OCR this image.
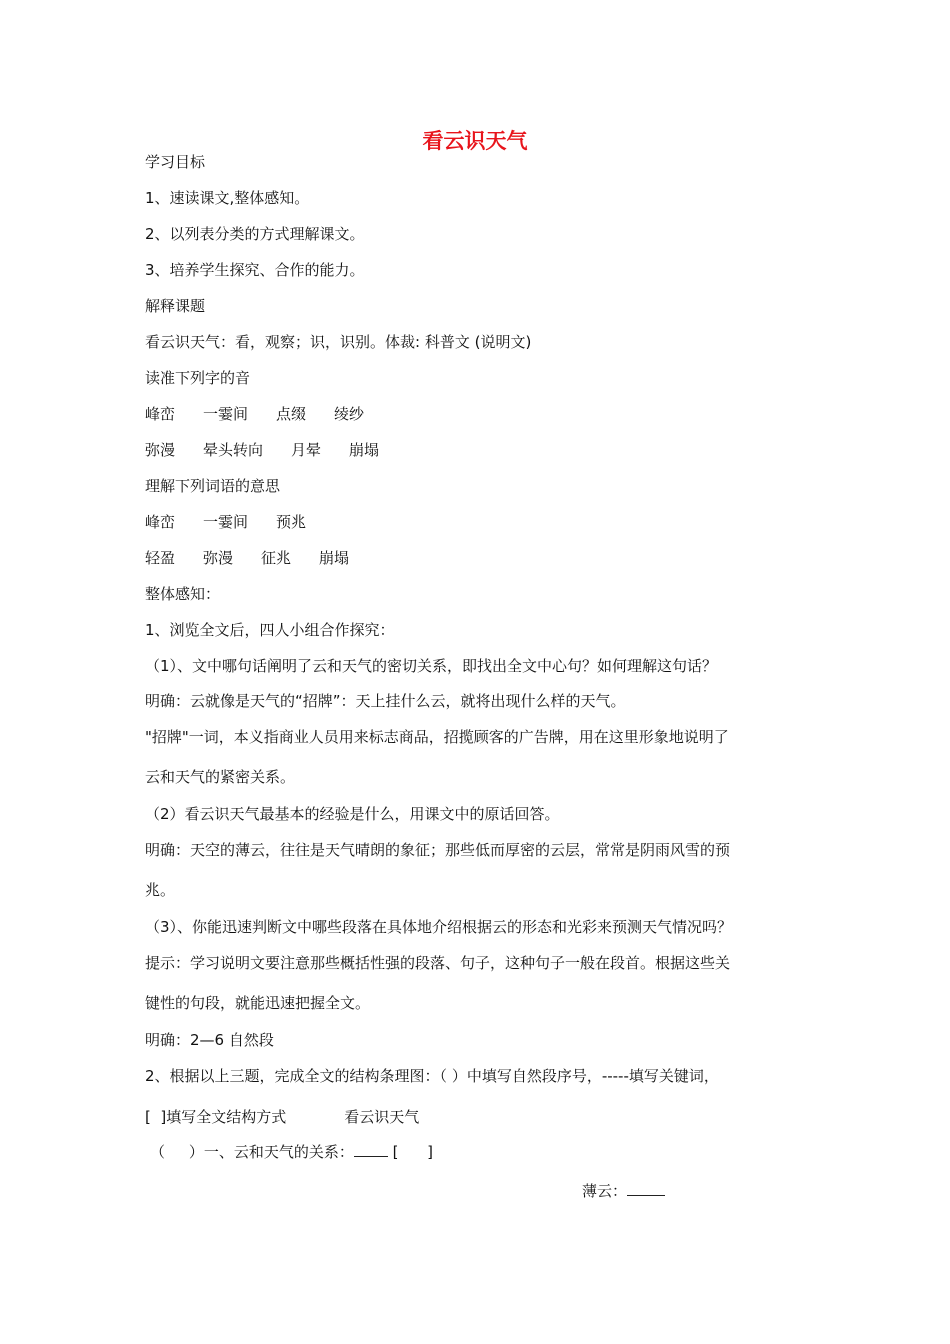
看云识天气
学习目标
1、速读课文,整体感知。
2、以列表分类的方式理解课文。
3、培养学生探究、合作的能力。
解释课题
看云识天气：看，观察；识，识别。体裁: 科普文 (说明文)
读准下列字的音
峰峦 一霎间 点缀 绫纱
弥漫 晕头转向 月晕 崩塌
理解下列词语的意思
峰峦 一霎间 预兆
轻盈 弥漫 征兆 崩塌
整体感知：
1、浏览全文后，四人小组合作探究：
（1）、文中哪句话阐明了云和天气的密切关系，即找出全文中心句？如何理解这句话？
明确：云就像是天气的“招牌”：天上挂什么云，就将出现什么样的天气。
"招牌"一词，本义指商业人员用来标志商品，招揽顾客的广告牌，用在这里形象地说明了
云和天气的紧密关系。
（2）看云识天气最基本的经验是什么，用课文中的原话回答。
明确：天空的薄云，往往是天气晴朗的象征；那些低而厚密的云层，常常是阴雨风雪的预
兆。
（3）、你能迅速判断文中哪些段落在具体地介绍根据云的形态和光彩来预测天气情况吗？
提示：学习说明文要注意那些概括性强的段落、句子，这种句子一般在段首。根据这些关
键性的句段，就能迅速把握全文。
明确：2—6 自然段
2、根据以上三题，完成全文的结构条理图：（ ）中填写自然段序号，-----填写关键词，
[  ]填写全文结构方式	看云识天气
（     ）一、云和天气的关系：	[      ]
薄云：
